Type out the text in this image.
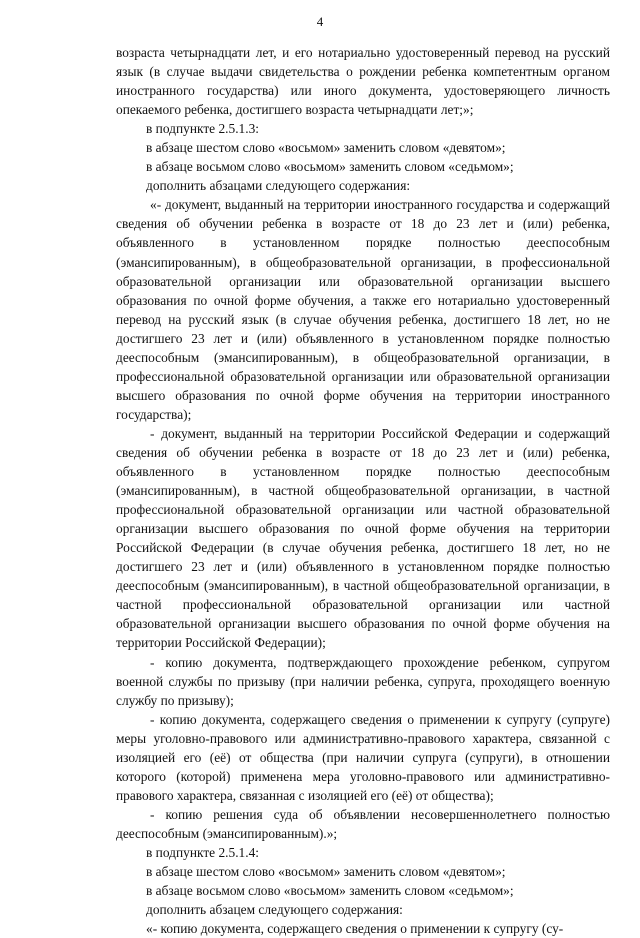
4

возраста четырнадцати лет, и его нотариально удостоверенный перевод на русский язык (в случае выдачи свидетельства о рождении ребенка компетентным органом иностранного государства) или иного документа, удостоверяющего личность опекаемого ребенка, достигшего возраста четырнадцати лет;»;

в подпункте 2.5.1.3:

в абзаце шестом слово «восьмом» заменить словом «девятом»;

в абзаце восьмом слово «восьмом» заменить словом «седьмом»;

дополнить абзацами следующего содержания:

«- документ, выданный на территории иностранного государства и содержащий сведения об обучении ребенка в возрасте от 18 до 23 лет и (или) ребенка, объявленного в установленном порядке полностью дееспособным (эмансипированным), в общеобразовательной организации, в профессиональной образовательной организации или образовательной организации высшего образования по очной форме обучения, а также его нотариально удостоверенный перевод на русский язык (в случае обучения ребенка, достигшего 18 лет, но не достигшего 23 лет и (или) объявленного в установленном порядке полностью дееспособным (эмансипированным), в общеобразовательной организации, в профессиональной образовательной организации или образовательной организации высшего образования по очной форме обучения на территории иностранного государства);

- документ, выданный на территории Российской Федерации и содержащий сведения об обучении ребенка в возрасте от 18 до 23 лет и (или) ребенка, объявленного в установленном порядке полностью дееспособным (эмансипированным), в частной общеобразовательной организации, в частной профессиональной образовательной организации или частной образовательной организации высшего образования по очной форме обучения на территории Российской Федерации (в случае обучения ребенка, достигшего 18 лет, но не достигшего 23 лет и (или) объявленного в установленном порядке полностью дееспособным (эмансипированным), в частной общеобразовательной организации, в частной профессиональной образовательной организации или частной образовательной организации высшего образования по очной форме обучения на территории Российской Федерации);

- копию документа, подтверждающего прохождение ребенком, супругом военной службы по призыву (при наличии ребенка, супруга, проходящего военную службу по призыву);

- копию документа, содержащего сведения о применении к супругу (супруге) меры уголовно-правового или административно-правового характера, связанной с изоляцией его (её) от общества (при наличии супруга (супруги), в отношении которого (которой) применена мера уголовно-правового или административно-правового характера, связанная с изоляцией его (её) от общества);

- копию решения суда об объявлении несовершеннолетнего полностью дееспособным (эмансипированным).»;

в подпункте 2.5.1.4:

в абзаце шестом слово «восьмом» заменить словом «девятом»;

в абзаце восьмом слово «восьмом» заменить словом «седьмом»;

дополнить абзацем следующего содержания:

«- копию документа, содержащего сведения о применении к супругу (су-
